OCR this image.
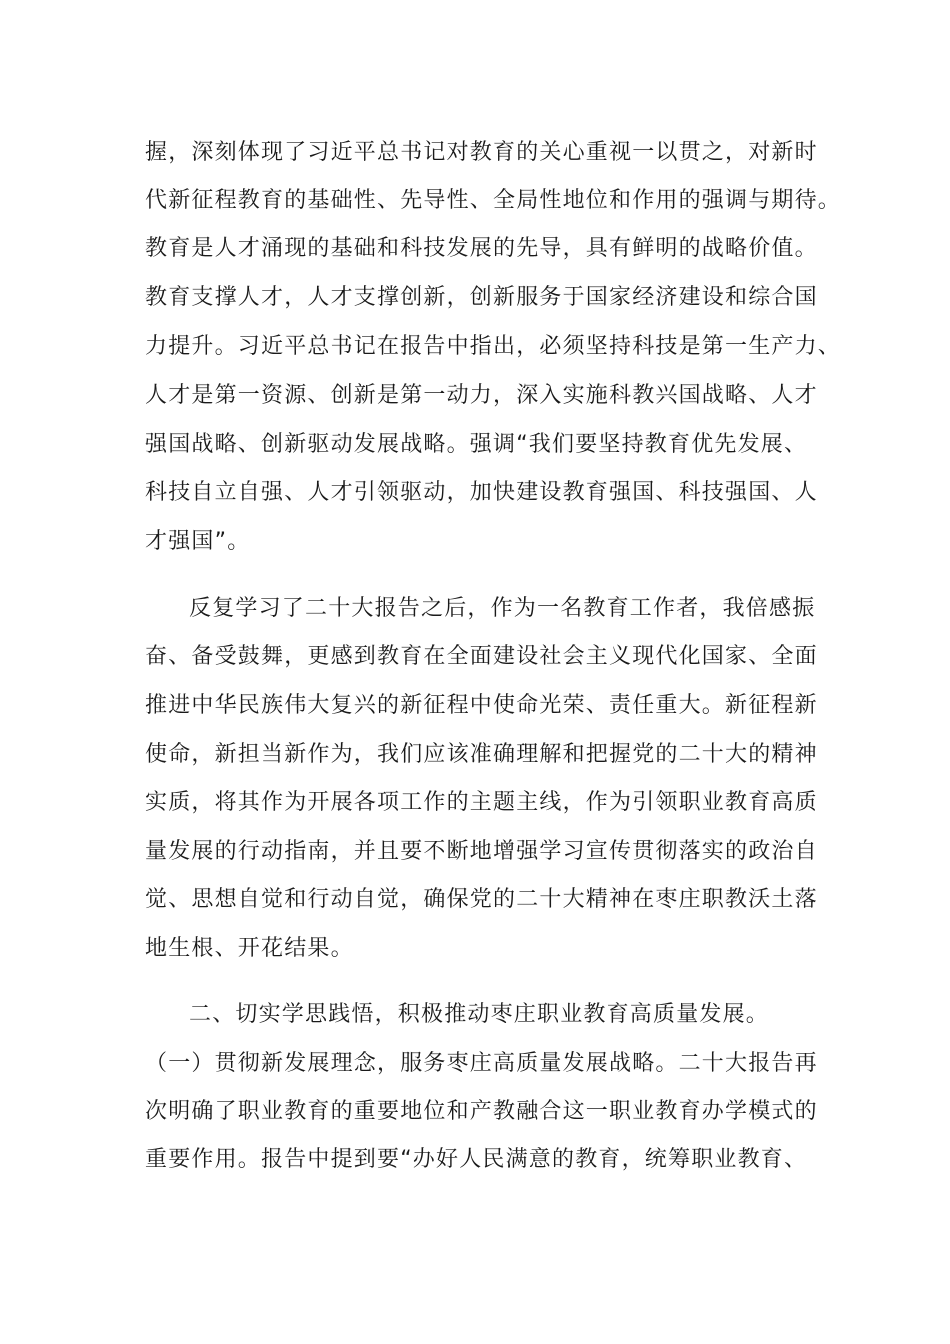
握，深刻体现了习近平总书记对教育的关心重视一以贯之，对新时
代新征程教育的基础性、先导性、全局性地位和作用的强调与期待。
教育是人才涌现的基础和科技发展的先导，具有鲜明的战略价值。
教育支撑人才，人才支撑创新，创新服务于国家经济建设和综合国
力提升。习近平总书记在报告中指出，必须坚持科技是第一生产力、
人才是第一资源、创新是第一动力，深入实施科教兴国战略、人才
强国战略、创新驱动发展战略。强调“我们要坚持教育优先发展、
科技自立自强、人才引领驱动，加快建设教育强国、科技强国、人
才强国”。
反复学习了二十大报告之后，作为一名教育工作者，我倍感振
奋、备受鼓舞，更感到教育在全面建设社会主义现代化国家、全面
推进中华民族伟大复兴的新征程中使命光荣、责任重大。新征程新
使命，新担当新作为，我们应该准确理解和把握党的二十大的精神
实质，将其作为开展各项工作的主题主线，作为引领职业教育高质
量发展的行动指南，并且要不断地增强学习宣传贯彻落实的政治自
觉、思想自觉和行动自觉，确保党的二十大精神在枣庄职教沃土落
地生根、开花结果。
二、切实学思践悟，积极推动枣庄职业教育高质量发展。
（一）贯彻新发展理念，服务枣庄高质量发展战略。二十大报告再
次明确了职业教育的重要地位和产教融合这一职业教育办学模式的
重要作用。报告中提到要“办好人民满意的教育，统筹职业教育、
